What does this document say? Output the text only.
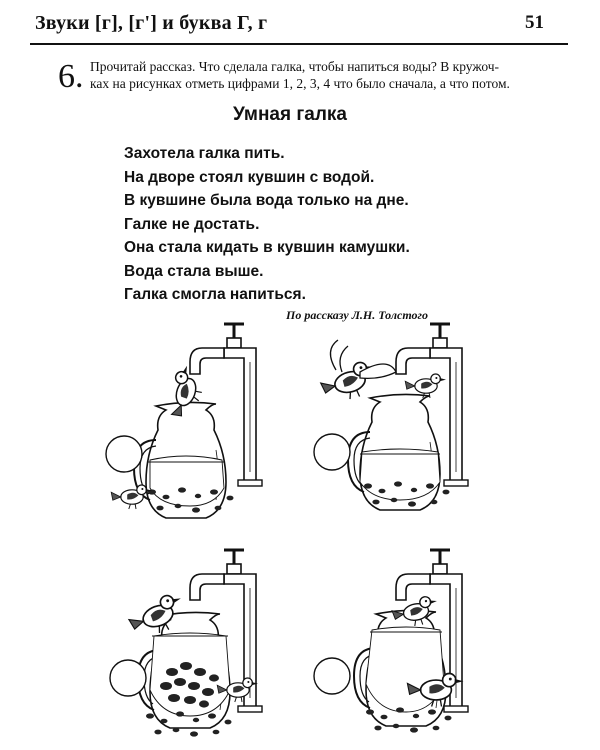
Звуки [г], [г'] и буква Г, г	51
6. Прочитай рассказ. Что сделала галка, чтобы напиться воды? В кружоч-
ках на рисунках отметь цифрами 1, 2, 3, 4 что было сначала, а что потом.
Умная галка
Захотела галка пить.
На дворе стоял кувшин с водой.
В кувшине была вода только на дне.
Галке не достать.
Она стала кидать в кувшин камушки.
Вода стала выше.
Галка смогла напиться.
По рассказу Л.Н. Толстого
